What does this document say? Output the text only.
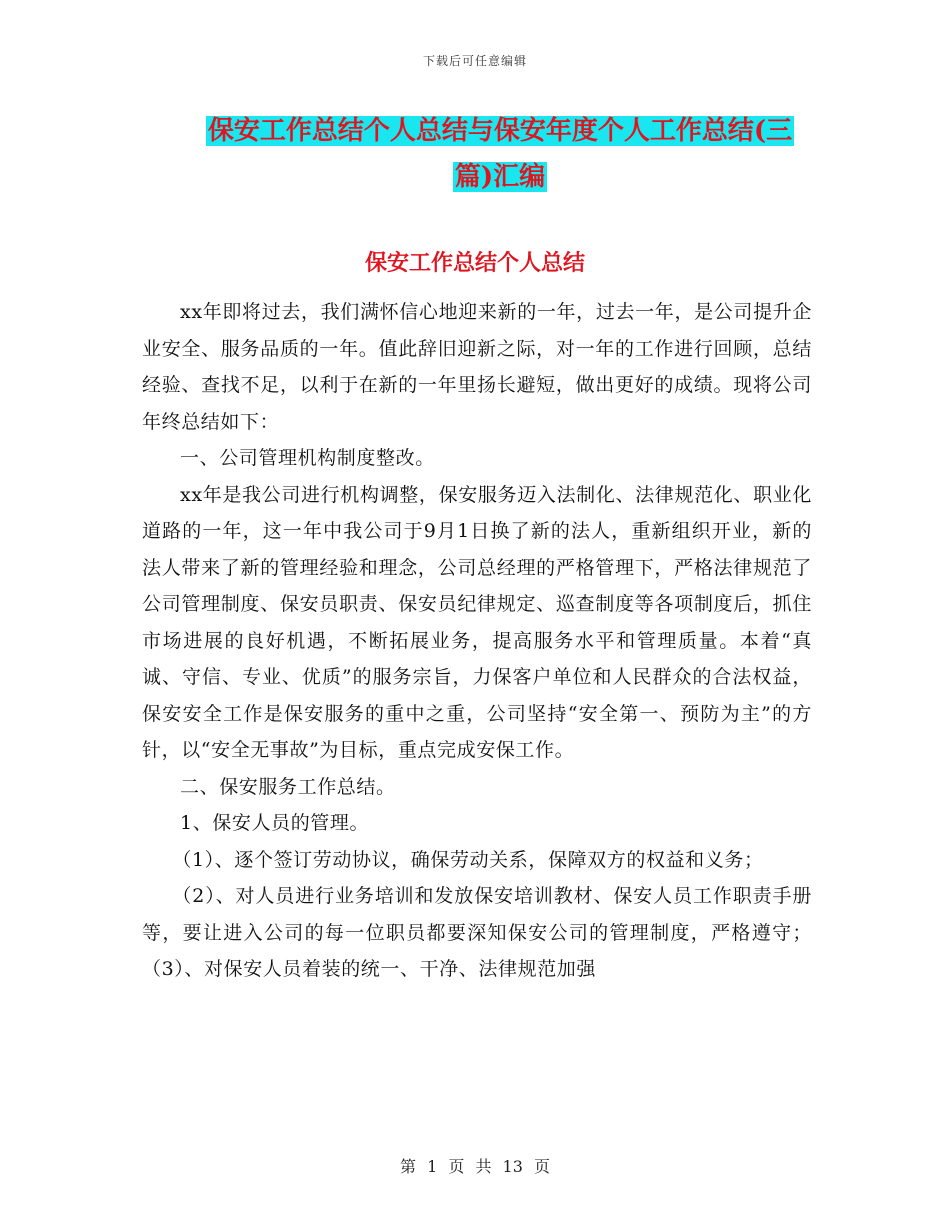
下载后可任意编辑
保安工作总结个人总结与保安年度个人工作总结(三
篇)汇编
保安工作总结个人总结

xx年即将过去，我们满怀信心地迎来新的一年，过去一年，是公司提升企业安全、服务品质的一年。值此辞旧迎新之际，对一年的工作进行回顾，总结经验、查找不足，以利于在新的一年里扬长避短，做出更好的成绩。现将公司年终总结如下：

一、公司管理机构制度整改。

xx年是我公司进行机构调整，保安服务迈入法制化、法律规范化、职业化道路的一年，这一年中我公司于9月1日换了新的法人，重新组织开业，新的法人带来了新的管理经验和理念，公司总经理的严格管理下，严格法律规范了公司管理制度、保安员职责、保安员纪律规定、巡查制度等各项制度后，抓住市场进展的良好机遇，不断拓展业务，提高服务水平和管理质量。本着“真诚、守信、专业、优质”的服务宗旨，力保客户单位和人民群众的合法权益，保安安全工作是保安服务的重中之重，公司坚持“安全第一、预防为主”的方针，以“安全无事故”为目标，重点完成安保工作。

二、保安服务工作总结。

1、保安人员的管理。

（1）、逐个签订劳动协议，确保劳动关系，保障双方的权益和义务；

（2）、对人员进行业务培训和发放保安培训教材、保安人员工作职责手册等，要让进入公司的每一位职员都要深知保安公司的管理制度，严格遵守；（3）、对保安人员着装的统一、干净、法律规范加强

第 1 页 共 13 页
